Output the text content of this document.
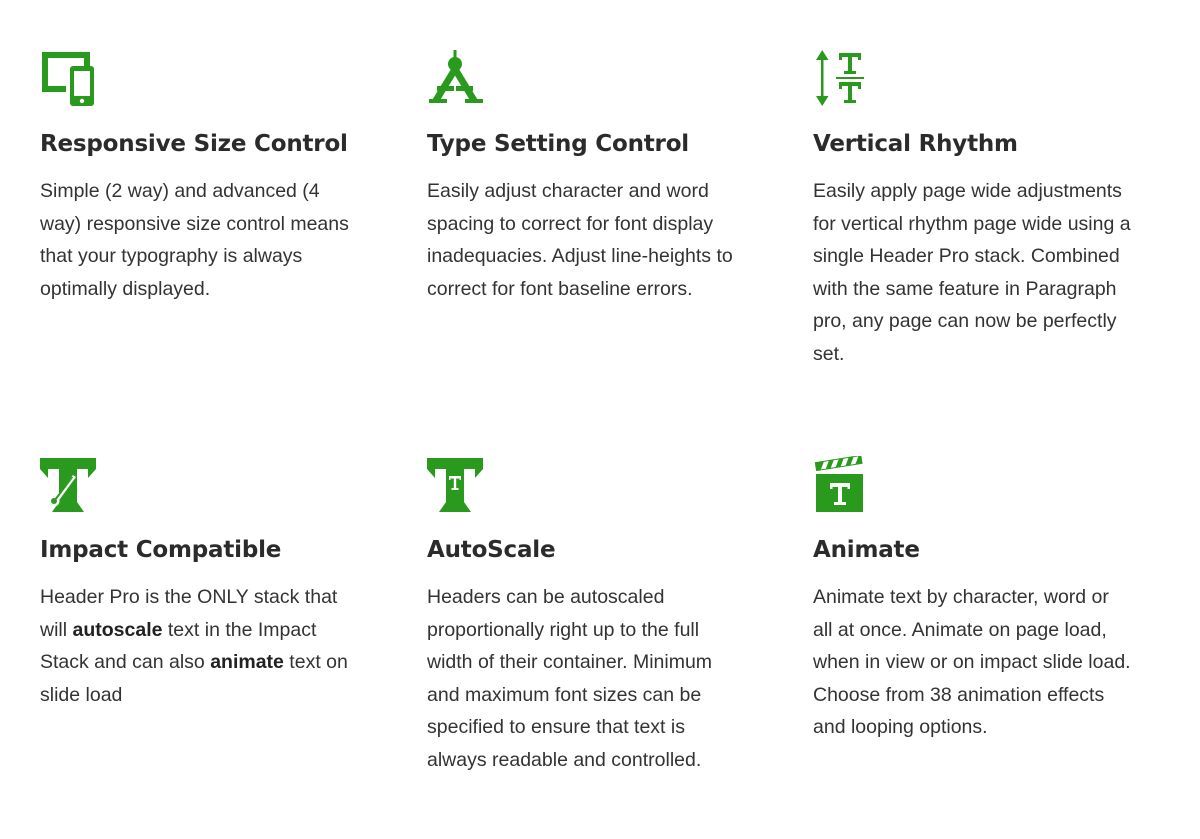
Responsive Size Control

Simple (2 way) and advanced (4 way) responsive size control means that your typography is always optimally displayed.

Type Setting Control

Easily adjust character and word spacing to correct for font display inadequacies. Adjust line-heights to correct for font baseline errors.

Vertical Rhythm

Easily apply page wide adjustments for vertical rhythm page wide using a single Header Pro stack. Combined with the same feature in Paragraph pro, any page can now be perfectly set.

Impact Compatible

Header Pro is the ONLY stack that will autoscale text in the Impact Stack and can also animate text on slide load

AutoScale

Headers can be autoscaled proportionally right up to the full width of their container. Minimum and maximum font sizes can be specified to ensure that text is always readable and controlled.

Animate

Animate text by character, word or all at once. Animate on page load, when in view or on impact slide load. Choose from 38 animation effects and looping options.
